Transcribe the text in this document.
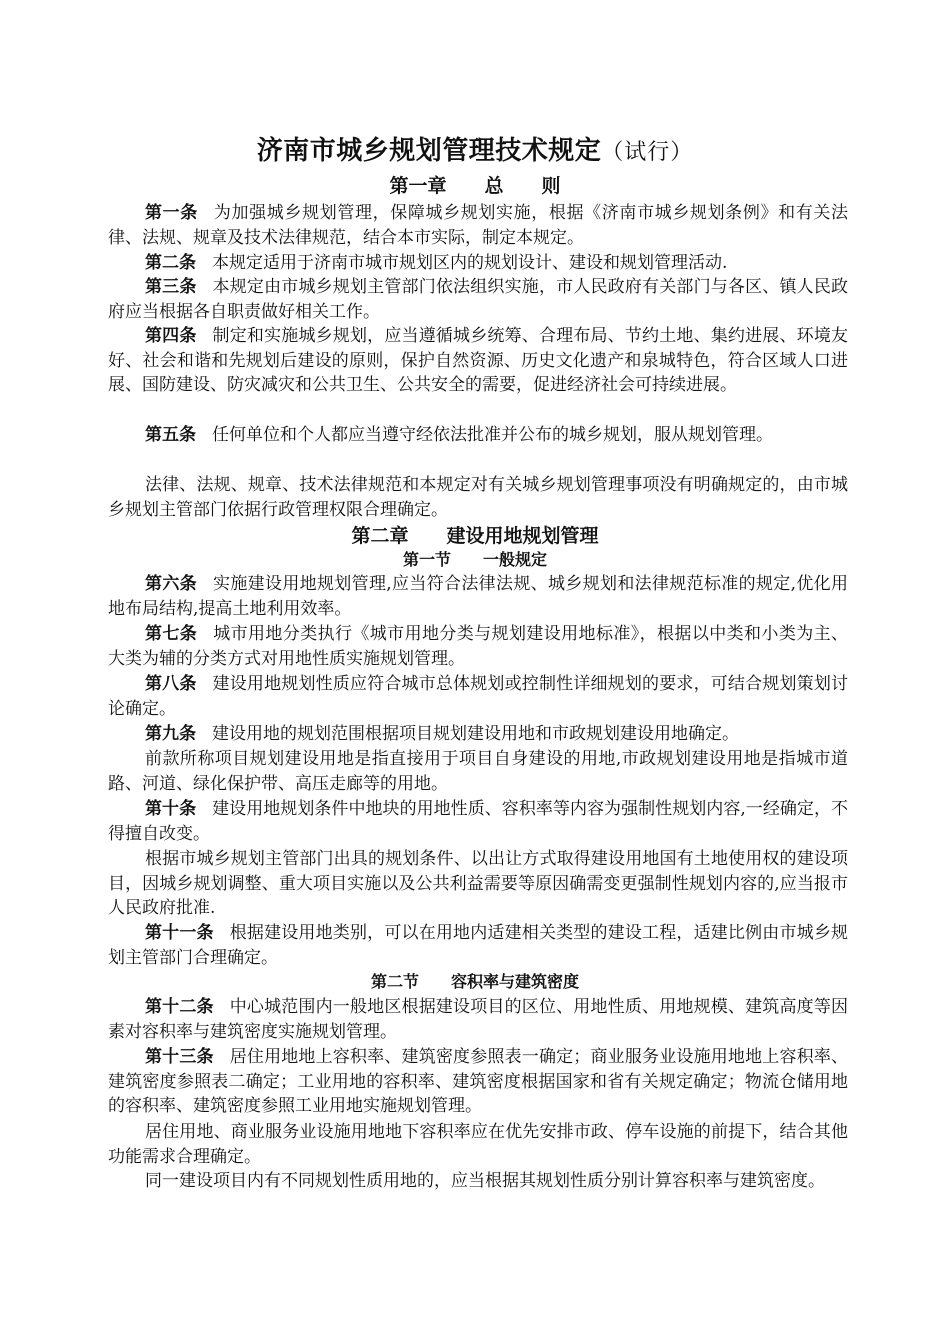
济南市城乡规划管理技术规定（试行）
第一章　　总　　则

第一条 为加强城乡规划管理，保障城乡规划实施，根据《济南市城乡规划条例》和有关法律、法规、规章及技术法律规范，结合本市实际，制定本规定。

第二条 本规定适用于济南市城市规划区内的规划设计、建设和规划管理活动.

第三条 本规定由市城乡规划主管部门依法组织实施，市人民政府有关部门与各区、镇人民政府应当根据各自职责做好相关工作。

第四条 制定和实施城乡规划，应当遵循城乡统筹、合理布局、节约土地、集约进展、环境友好、社会和谐和先规划后建设的原则，保护自然资源、历史文化遗产和泉城特色，符合区域人口进展、国防建设、防灾减灾和公共卫生、公共安全的需要，促进经济社会可持续进展。

第五条 任何单位和个人都应当遵守经依法批准并公布的城乡规划，服从规划管理。

法律、法规、规章、技术法律规范和本规定对有关城乡规划管理事项没有明确规定的，由市城乡规划主管部门依据行政管理权限合理确定。

第二章　　建设用地规划管理
第一节　　一般规定

第六条 实施建设用地规划管理,应当符合法律法规、城乡规划和法律规范标准的规定,优化用地布局结构,提高土地利用效率。

第七条 城市用地分类执行《城市用地分类与规划建设用地标准》，根据以中类和小类为主、大类为辅的分类方式对用地性质实施规划管理。

第八条 建设用地规划性质应符合城市总体规划或控制性详细规划的要求，可结合规划策划讨论确定。

第九条 建设用地的规划范围根据项目规划建设用地和市政规划建设用地确定。

前款所称项目规划建设用地是指直接用于项目自身建设的用地,市政规划建设用地是指城市道路、河道、绿化保护带、高压走廊等的用地。

第十条 建设用地规划条件中地块的用地性质、容积率等内容为强制性规划内容,一经确定，不得擅自改变。

根据市城乡规划主管部门出具的规划条件、以出让方式取得建设用地国有土地使用权的建设项目，因城乡规划调整、重大项目实施以及公共利益需要等原因确需变更强制性规划内容的,应当报市人民政府批准.

第十一条 根据建设用地类别，可以在用地内适建相关类型的建设工程，适建比例由市城乡规划主管部门合理确定。

第二节　　容积率与建筑密度

第十二条 中心城范围内一般地区根据建设项目的区位、用地性质、用地规模、建筑高度等因素对容积率与建筑密度实施规划管理。

第十三条 居住用地地上容积率、建筑密度参照表一确定；商业服务业设施用地地上容积率、建筑密度参照表二确定；工业用地的容积率、建筑密度根据国家和省有关规定确定；物流仓储用地的容积率、建筑密度参照工业用地实施规划管理。

居住用地、商业服务业设施用地地下容积率应在优先安排市政、停车设施的前提下，结合其他功能需求合理确定。

同一建设项目内有不同规划性质用地的，应当根据其规划性质分别计算容积率与建筑密度。
